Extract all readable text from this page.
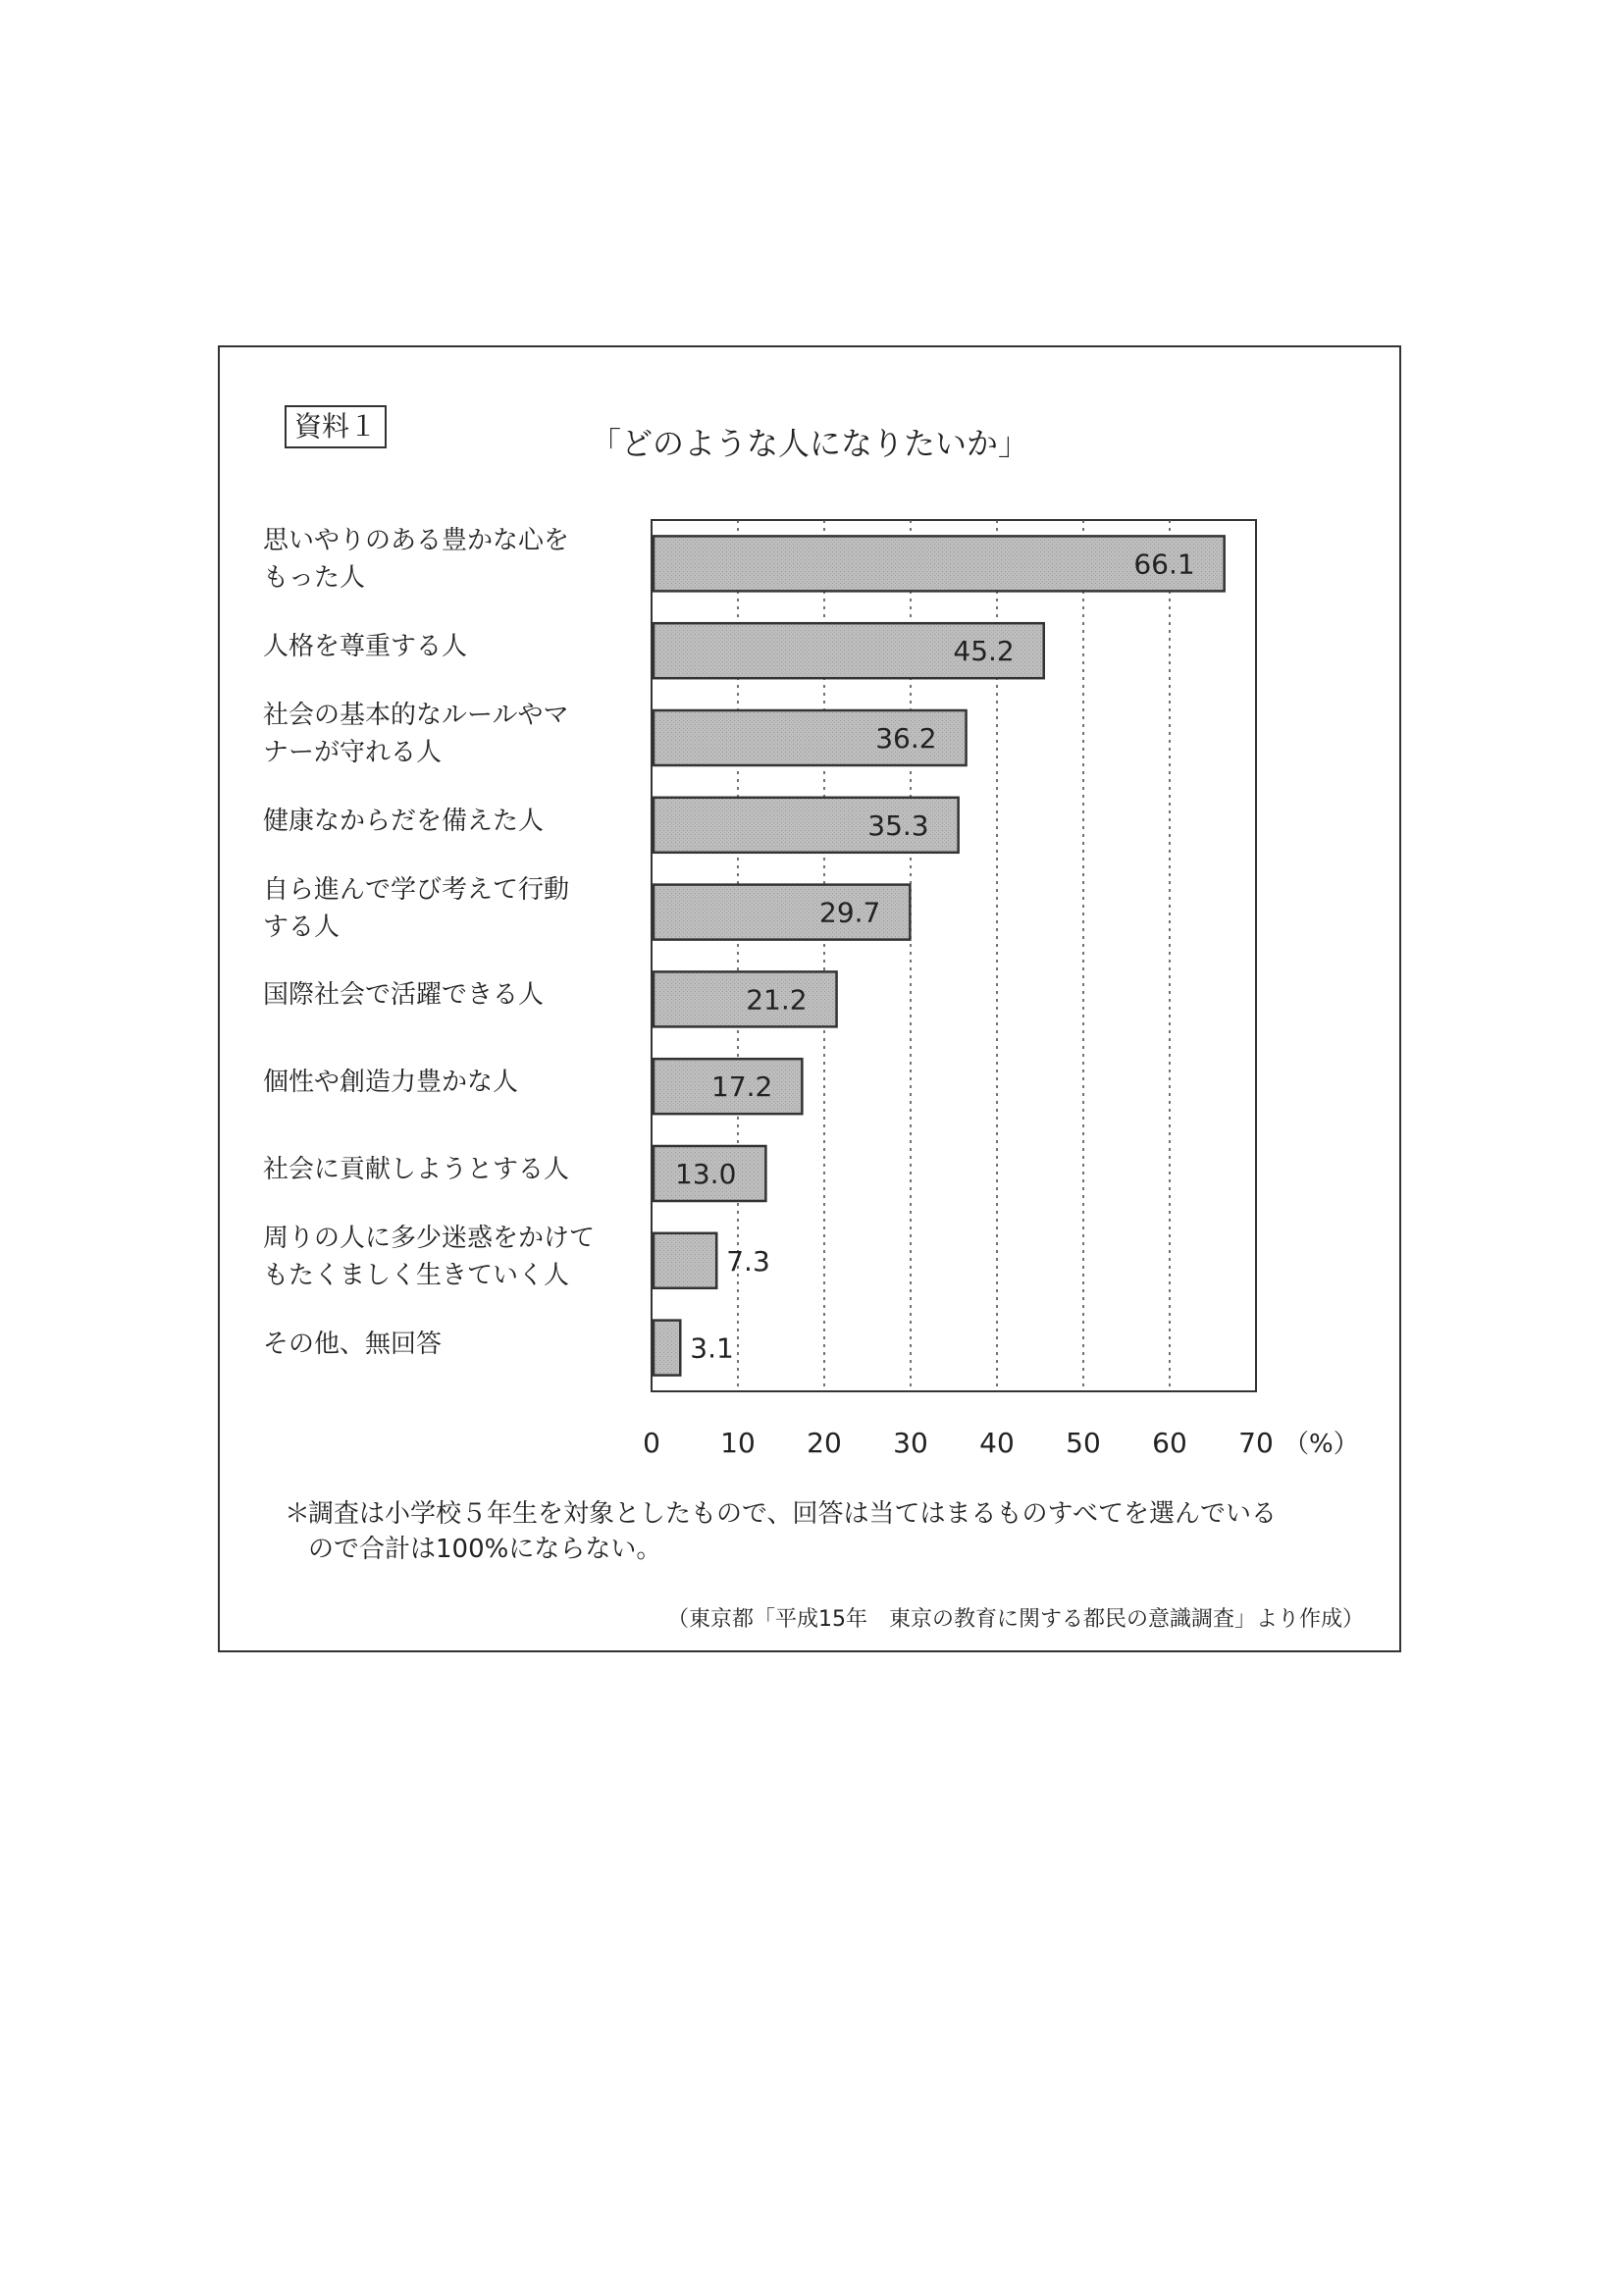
資料１	「どのような人になりたいか」
思いやりのある豊かな心を
もった人
人格を尊重する人
社会の基本的なルールやマ
ナーが守れる人
健康なからだを備えた人
自ら進んで学び考えて行動
する人
国際社会で活躍できる人
個性や創造力豊かな人
社会に貢献しようとする人
周りの人に多少迷惑をかけて
もたくましく生きていく人
その他、無回答
0 10 20 30 40 50 60 70 （%）
66.1
45.2
36.2
35.3
29.7
21.2
17.2
13.0
7.3
3.1
＊調査は小学校５年生を対象としたもので、回答は当てはまるものすべてを選んでいる
ので合計は100%にならない。
（東京都「平成15年　東京の教育に関する都民の意識調査」より作成）
